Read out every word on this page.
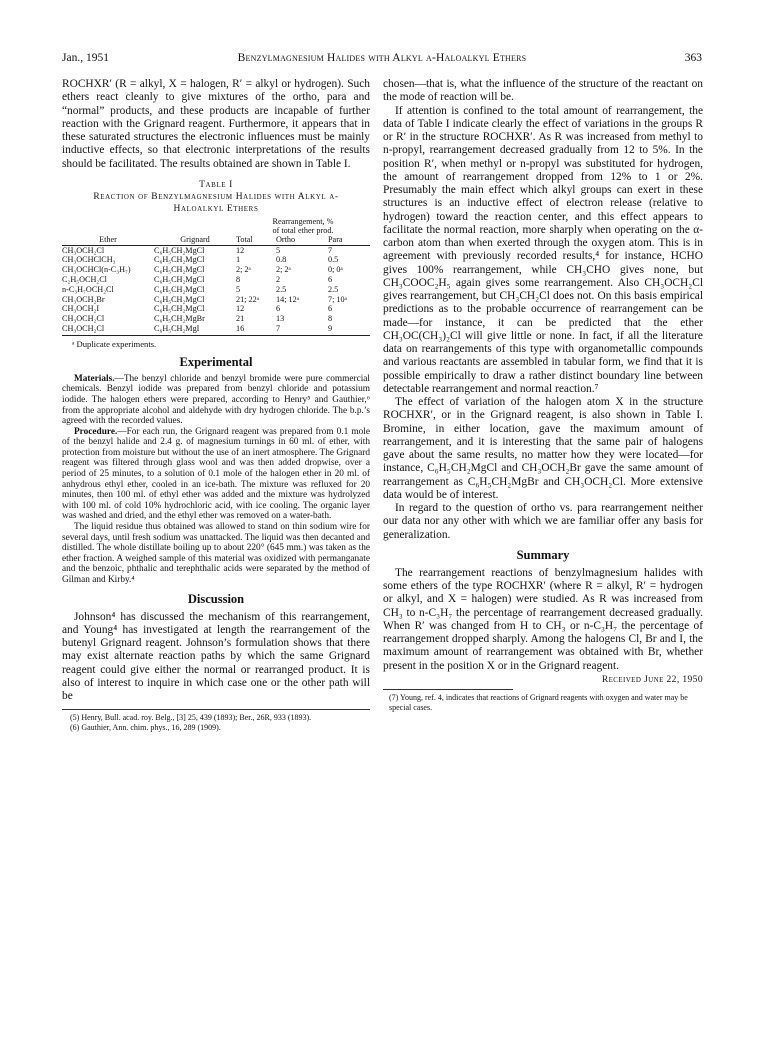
Jan., 1951	Benzylmagnesium Halides with Alkyl α-Haloalkyl Ethers	363

ROCHXR′ (R = alkyl, X = halogen, R′ = alkyl or hydrogen). Such ethers react cleanly to give mixtures of the ortho, para and “normal” products, and these products are incapable of further reaction with the Grignard reagent. Furthermore, it appears that in these saturated structures the electronic influences must be mainly inductive effects, so that electronic interpretations of the results should be facilitated. The results obtained are shown in Table I.

Table I
Reaction of Benzylmagnesium Halides with Alkyl α-
Haloalkyl Ethers
		Rearrangement, %
of total ether prod.		
Ether	Grignard	Total	Ortho	Para
CH₃OCH₂Cl	C₆H₅CH₂MgCl	12	5	7
CH₃OCHClCH₃	C₆H₅CH₂MgCl	1	0.8	0.5
CH₃OCHCl(n-C₃H₇)	C₆H₅CH₂MgCl	2; 2ᵃ	2; 2ᵃ	0; 0ᵃ
C₂H₅OCH₂Cl	C₆H₅CH₂MgCl	8	2	6
n-C₃H₇OCH₂Cl	C₆H₅CH₂MgCl	5	2.5	2.5
CH₃OCH₂Br	C₆H₅CH₂MgCl	21; 22ᵃ	14; 12ᵃ	7; 10ᵃ
CH₃OCH₂I	C₆H₅CH₂MgCl	12	6	6
CH₃OCH₂Cl	C₆H₅CH₂MgBr	21	13	8
CH₃OCH₂Cl	C₆H₅CH₂MgI	16	7	9
ᵃ Duplicate experiments.
Experimental

Materials.—The benzyl chloride and benzyl bromide were pure commercial chemicals. Benzyl iodide was prepared from benzyl chloride and potassium iodide. The halogen ethers were prepared, according to Henry⁵ and Gauthier,⁶ from the appropriate alcohol and aldehyde with dry hydrogen chloride. The b.p.’s agreed with the recorded values.

Procedure.—For each run, the Grignard reagent was prepared from 0.1 mole of the benzyl halide and 2.4 g. of magnesium turnings in 60 ml. of ether, with protection from moisture but without the use of an inert atmosphere. The Grignard reagent was filtered through glass wool and was then added dropwise, over a period of 25 minutes, to a solution of 0.1 mole of the halogen ether in 20 ml. of anhydrous ethyl ether, cooled in an ice-bath. The mixture was refluxed for 20 minutes, then 100 ml. of ethyl ether was added and the mixture was hydrolyzed with 100 ml. of cold 10% hydrochloric acid, with ice cooling. The organic layer was washed and dried, and the ethyl ether was removed on a water-bath.

The liquid residue thus obtained was allowed to stand on thin sodium wire for several days, until fresh sodium was unattacked. The liquid was then decanted and distilled. The whole distillate boiling up to about 220° (645 mm.) was taken as the ether fraction. A weighed sample of this material was oxidized with permanganate and the benzoic, phthalic and terephthalic acids were separated by the method of Gilman and Kirby.⁴

Discussion

Johnson⁴ has discussed the mechanism of this rearrangement, and Young⁴ has investigated at length the rearrangement of the butenyl Grignard reagent. Johnson’s formulation shows that there may exist alternate reaction paths by which the same Grignard reagent could give either the normal or rearranged product. It is also of interest to inquire in which case one or the other path will be

(5) Henry, Bull. acad. roy. Belg., [3] 25, 439 (1893); Ber., 26R, 933 (1893).
(6) Gauthier, Ann. chim. phys., 16, 289 (1909).

chosen—that is, what the influence of the structure of the reactant on the mode of reaction will be.

If attention is confined to the total amount of rearrangement, the data of Table I indicate clearly the effect of variations in the groups R or R′ in the structure ROCHXR′. As R was increased from methyl to n-propyl, rearrangement decreased gradually from 12 to 5%. In the position R′, when methyl or n-propyl was substituted for hydrogen, the amount of rearrangement dropped from 12% to 1 or 2%. Presumably the main effect which alkyl groups can exert in these structures is an inductive effect of electron release (relative to hydrogen) toward the reaction center, and this effect appears to facilitate the normal reaction, more sharply when operating on the α-carbon atom than when exerted through the oxygen atom. This is in agreement with previously recorded results,⁴ for instance, HCHO gives 100% rearrangement, while CH₃CHO gives none, but CH₃COOC₂H₅ again gives some rearrangement. Also CH₃OCH₂Cl gives rearrangement, but CH₃CH₂Cl does not. On this basis empirical predictions as to the probable occurrence of rearrangement can be made—for instance, it can be predicted that the ether CH₃OC(CH₃)₂Cl will give little or none. In fact, if all the literature data on rearrangements of this type with organometallic compounds and various reactants are assembled in tabular form, we find that it is possible empirically to draw a rather distinct boundary line between detectable rearrangement and normal reaction.⁷

The effect of variation of the halogen atom X in the structure ROCHXR′, or in the Grignard reagent, is also shown in Table I. Bromine, in either location, gave the maximum amount of rearrangement, and it is interesting that the same pair of halogens gave about the same results, no matter how they were located—for instance, C₆H₅CH₂MgCl and CH₃OCH₂Br gave the same amount of rearrangement as C₆H₅CH₂MgBr and CH₃OCH₂Cl. More extensive data would be of interest.

In regard to the question of ortho vs. para rearrangement neither our data nor any other with which we are familiar offer any basis for generalization.

Summary

The rearrangement reactions of benzylmagnesium halides with some ethers of the type ROCHXR′ (where R = alkyl, R′ = hydrogen or alkyl, and X = halogen) were studied. As R was increased from CH₃ to n-C₃H₇ the percentage of rearrangement decreased gradually. When R′ was changed from H to CH₃ or n-C₃H₇ the percentage of rearrangement dropped sharply. Among the halogens Cl, Br and I, the maximum amount of rearrangement was obtained with Br, whether present in the position X or in the Grignard reagent.

Received June 22, 1950
(7) Young, ref. 4, indicates that reactions of Grignard reagents with oxygen and water may be special cases.
